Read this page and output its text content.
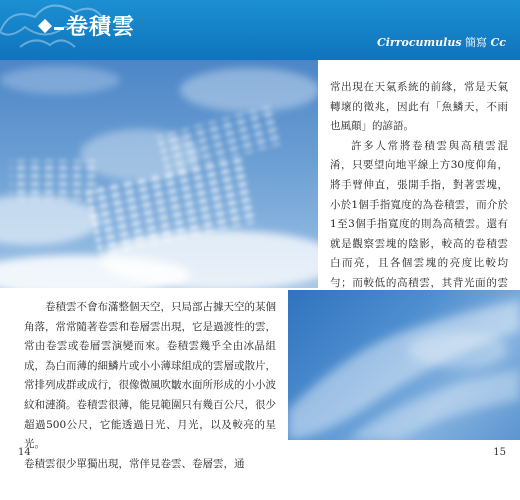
卷積雲
Cirrocumulus 簡寫 Cc

常出現在天氣系統的前緣，常是天氣轉壞的徵兆，因此有「魚鱗天，不雨也風顛」的諺語。

許多人常將卷積雲與高積雲混淆，只要望向地平線上方30度仰角，將手臂伸直，張開手指，對著雲塊，小於1個手指寬度的為卷積雲，而介於1至3個手指寬度的則為高積雲。還有就是觀察雲塊的陰影，較高的卷積雲白而亮，且各個雲塊的亮度比較均勻；而較低的高積雲，其背光面的雲

卷積雲不會布滿整個天空，只局部占據天空的某個角落，常常隨著卷雲和卷層雲出現，它是過渡性的雲，常由卷雲或卷層雲演變而來。卷積雲幾乎全由冰晶組成，為白而薄的細鱗片或小小薄球組成的雲層或散片，常排列成群或成行，很像微風吹皺水面所形成的小小波紋和漣漪。卷積雲很薄，能見範圍只有幾百公尺，很少超過500公尺，它能透過日光、月光，以及較亮的星光。

卷積雲很少單獨出現，常伴見卷雲、卷層雲，通

14	15
